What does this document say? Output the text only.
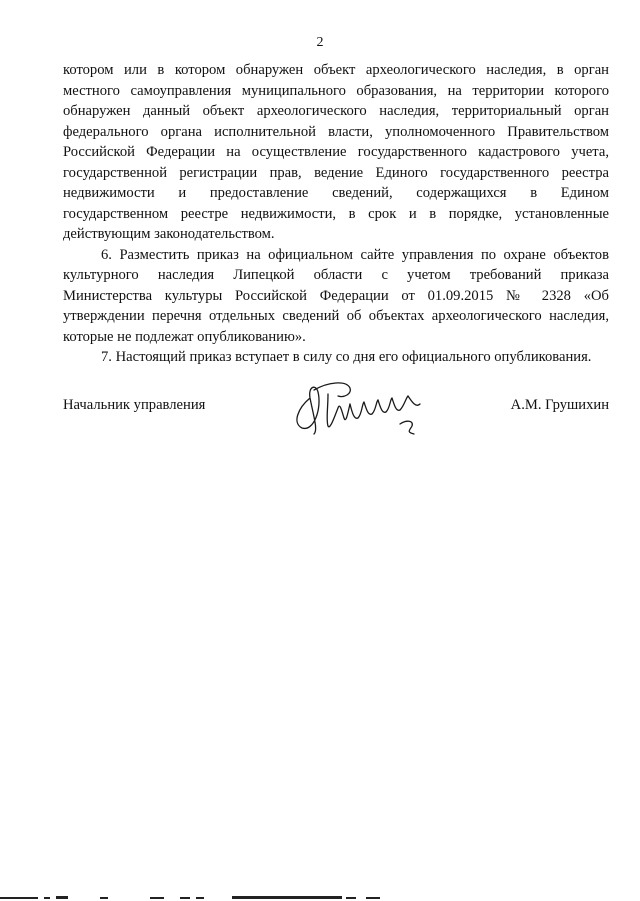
2
котором или в котором обнаружен объект археологического наследия, в орган
местного самоуправления муниципального образования, на территории которого
обнаружен данный объект археологического наследия, территориальный орган
федерального органа исполнительной власти, уполномоченного Правительством
Российской Федерации на осуществление государственного кадастрового учета,
государственной регистрации прав, ведение Единого государственного реестра
недвижимости и предоставление сведений, содержащихся в Едином
государственном реестре недвижимости, в срок и в порядке, установленные
действующим законодательством.
6. Разместить приказ на официальном сайте управления по охране объектов
культурного наследия Липецкой области с учетом требований приказа
Министерства культуры Российской Федерации от 01.09.2015 № 2328 «Об
утверждении перечня отдельных сведений об объектах археологического наследия,
которые не подлежат опубликованию».
7. Настоящий приказ вступает в силу со дня его официального опубликования.
Начальник управления	А.М. Грушихин
